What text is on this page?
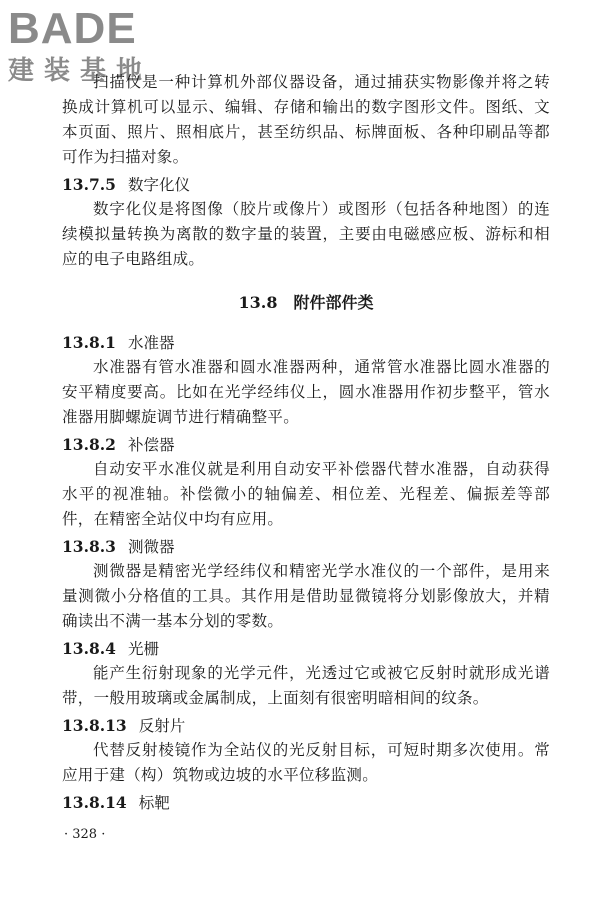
BADE
建装基地

扫描仪是一种计算机外部仪器设备，通过捕获实物影像并将之转换成计算机可以显示、编辑、存储和输出的数字图形文件。图纸、文本页面、照片、照相底片，甚至纺织品、标牌面板、各种印刷品等都可作为扫描对象。

13.7.5 数字化仪

数字化仪是将图像（胶片或像片）或图形（包括各种地图）的连续模拟量转换为离散的数字量的装置，主要由电磁感应板、游标和相应的电子电路组成。

13.8 附件部件类
13.8.1 水准器

水准器有管水准器和圆水准器两种，通常管水准器比圆水准器的安平精度要高。比如在光学经纬仪上，圆水准器用作初步整平，管水准器用脚螺旋调节进行精确整平。

13.8.2 补偿器

自动安平水准仪就是利用自动安平补偿器代替水准器，自动获得水平的视准轴。补偿微小的轴偏差、相位差、光程差、偏振差等部件，在精密全站仪中均有应用。

13.8.3 测微器

测微器是精密光学经纬仪和精密光学水准仪的一个部件，是用来量测微小分格值的工具。其作用是借助显微镜将分划影像放大，并精确读出不满一基本分划的零数。

13.8.4 光栅

能产生衍射现象的光学元件，光透过它或被它反射时就形成光谱带，一般用玻璃或金属制成，上面刻有很密明暗相间的纹条。

13.8.13 反射片

代替反射棱镜作为全站仪的光反射目标，可短时期多次使用。常应用于建（构）筑物或边坡的水平位移监测。

13.8.14 标靶
· 328 ·
